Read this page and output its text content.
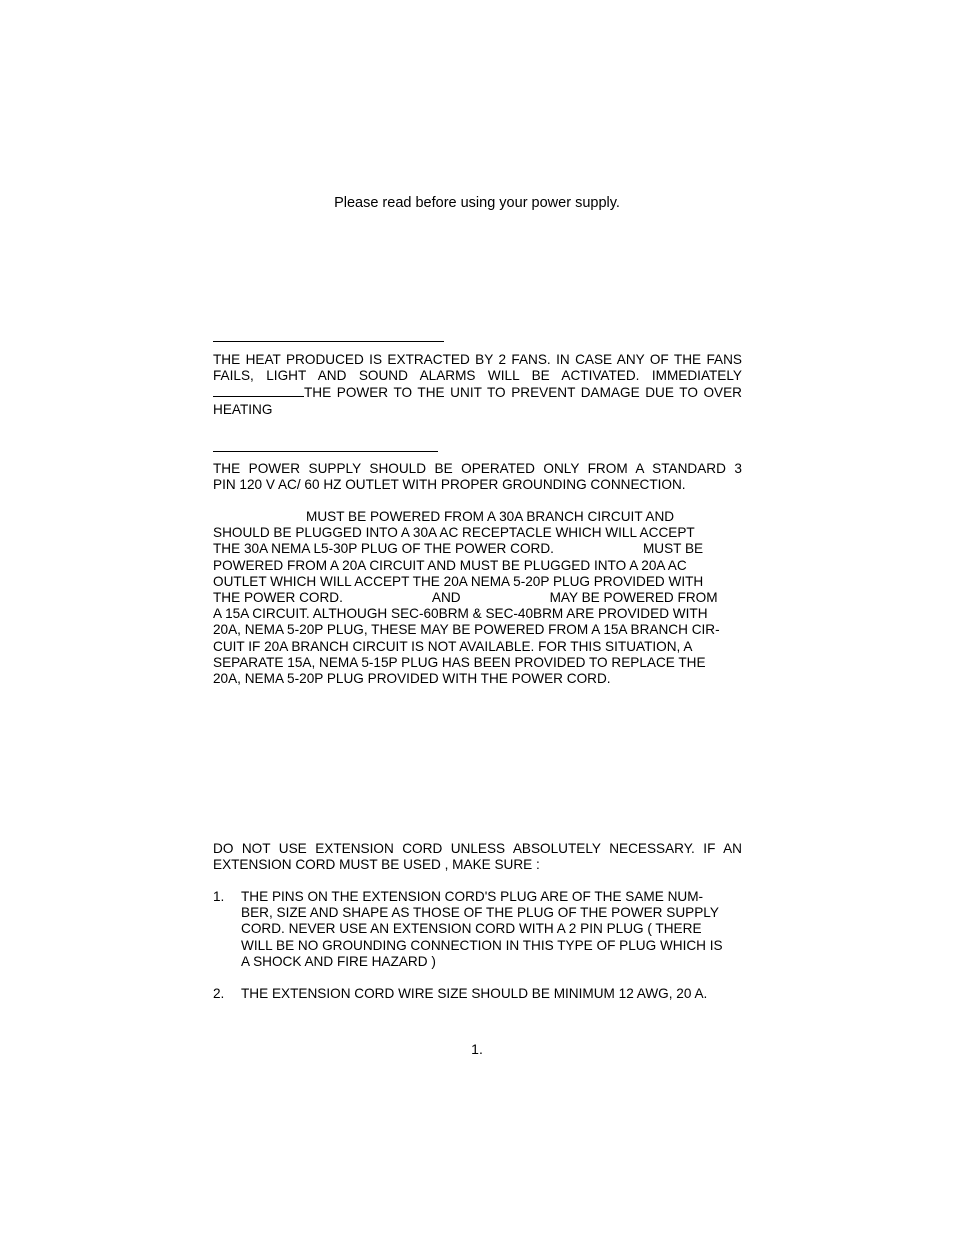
Please read before using your power supply.
THE HEAT PRODUCED IS EXTRACTED BY 2 FANS. IN CASE ANY OF THE FANS
FAILS, LIGHT AND SOUND ALARMS WILL BE ACTIVATED. IMMEDIATELY
THE POWER TO THE UNIT TO PREVENT DAMAGE DUE TO OVER
HEATING
THE POWER SUPPLY SHOULD BE OPERATED ONLY FROM A STANDARD 3
PIN 120 V AC/ 60 HZ OUTLET WITH PROPER GROUNDING CONNECTION.
MUST BE POWERED FROM A 30A BRANCH CIRCUIT AND
SHOULD BE PLUGGED INTO A 30A AC RECEPTACLE WHICH WILL ACCEPT
THE 30A NEMA L5-30P PLUG OF THE POWER CORD.	MUST BE
POWERED FROM A 20A CIRCUIT AND MUST BE PLUGGED INTO A 20A AC
OUTLET WHICH WILL ACCEPT THE 20A NEMA 5-20P PLUG PROVIDED WITH
THE POWER CORD.	AND	MAY BE POWERED FROM
A 15A CIRCUIT. ALTHOUGH SEC-60BRM & SEC-40BRM ARE PROVIDED WITH
20A, NEMA 5-20P PLUG, THESE MAY BE POWERED FROM A 15A BRANCH CIR-
CUIT IF 20A BRANCH CIRCUIT IS NOT AVAILABLE. FOR THIS SITUATION, A
SEPARATE 15A, NEMA 5-15P PLUG HAS BEEN PROVIDED TO REPLACE THE
20A, NEMA 5-20P PLUG PROVIDED WITH THE POWER CORD.
DO NOT USE EXTENSION CORD UNLESS ABSOLUTELY NECESSARY. IF AN
EXTENSION CORD MUST BE USED , MAKE SURE :
1. THE PINS ON THE EXTENSION CORD'S PLUG ARE OF THE SAME NUM-
BER, SIZE AND SHAPE AS THOSE OF THE PLUG OF THE POWER SUPPLY
CORD. NEVER USE AN EXTENSION CORD WITH A 2 PIN PLUG ( THERE
WILL BE NO GROUNDING CONNECTION IN THIS TYPE OF PLUG WHICH IS
A SHOCK AND FIRE HAZARD )
2. THE EXTENSION CORD WIRE SIZE SHOULD BE MINIMUM 12 AWG, 20 A.
1.
